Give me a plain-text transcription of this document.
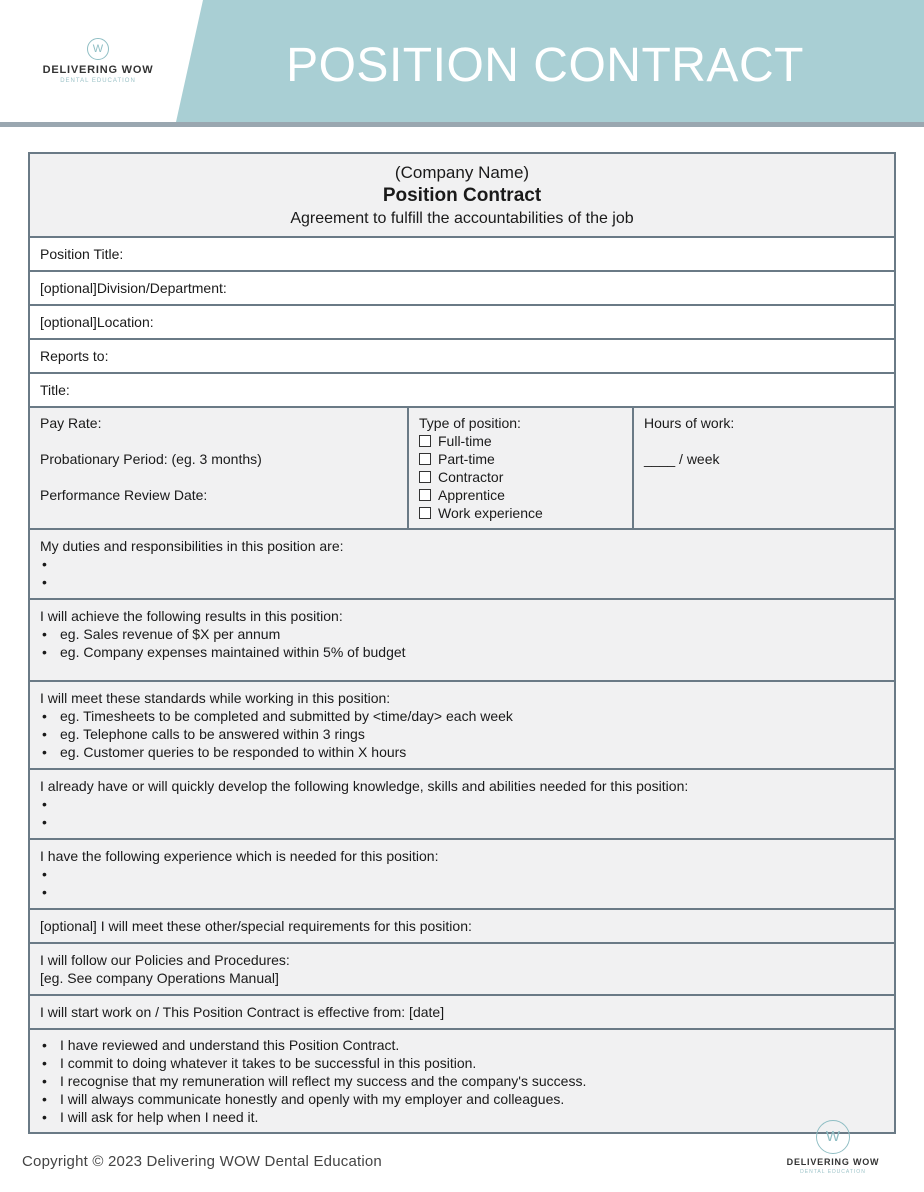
W
DELIVERING WOW
DENTAL EDUCATION	POSITION CONTRACT
(Company Name)
Position Contract
Agreement to fulfill the accountabilities of the job
Position Title:
[optional]Division/Department:
[optional]Location:
Reports to:
Title:
Pay Rate:
Probationary Period: (eg. 3 months)
Performance Review Date:
Type of position:
Full-time
Part-time
Contractor
Apprentice
Work experience
Hours of work:
____ / week
My duties and responsibilities in this position are:
•
•
I will achieve the following results in this position:
• eg. Sales revenue of $X per annum
• eg. Company expenses maintained within 5% of budget
I will meet these standards while working in this position:
• eg. Timesheets to be completed and submitted by <time/day> each week
• eg. Telephone calls to be answered within 3 rings
• eg. Customer queries to be responded to within X hours
I already have or will quickly develop the following knowledge, skills and abilities needed for this position:
•
•
I have the following experience which is needed for this position:
•
•
[optional] I will meet these other/special requirements for this position:
I will follow our Policies and Procedures:
[eg. See company Operations Manual]
I will start work on / This Position Contract is effective from: [date]
• I have reviewed and understand this Position Contract.
• I commit to doing whatever it takes to be successful in this position.
• I recognise that my remuneration will reflect my success and the company's success.
• I will always communicate honestly and openly with my employer and colleagues.
• I will ask for help when I need it.
Copyright © 2023 Delivering WOW Dental Education
W
DELIVERING WOW
DENTAL EDUCATION
